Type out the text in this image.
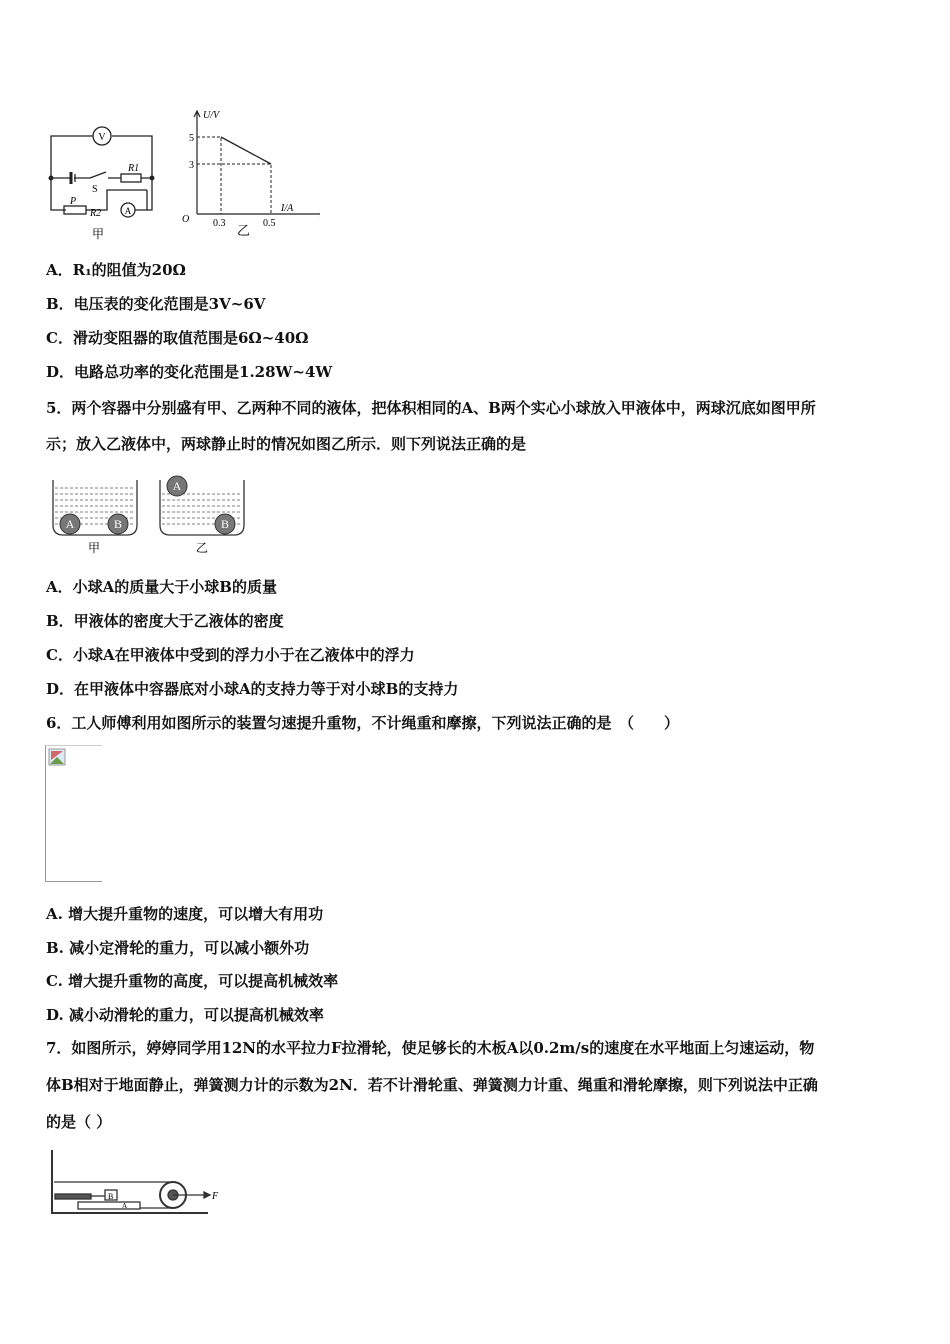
V
A
R1
S
P
R2
甲
U/V
5
3
I/A
O 0.3	0.5
乙
A．R₁的阻值为20Ω
B．电压表的变化范围是3V~6V
C．滑动变阻器的取值范围是6Ω~40Ω
D．电路总功率的变化范围是1.28W~4W
5．两个容器中分别盛有甲、乙两种不同的液体，把体积相同的A、B两个实心小球放入甲液体中，两球沉底如图甲所
示；放入乙液体中，两球静止时的情况如图乙所示．则下列说法正确的是
A	B
A
B
甲	乙
A．小球A的质量大于小球B的质量
B．甲液体的密度大于乙液体的密度
C．小球A在甲液体中受到的浮力小于在乙液体中的浮力
D．在甲液体中容器底对小球A的支持力等于对小球B的支持力
6．工人师傅利用如图所示的装置匀速提升重物，不计绳重和摩擦，下列说法正确的是　（　　）
A. 增大提升重物的速度，可以增大有用功
B. 减小定滑轮的重力，可以减小额外功
C. 增大提升重物的高度，可以提高机械效率
D. 减小动滑轮的重力，可以提高机械效率
7．如图所示，婷婷同学用12N的水平拉力F拉滑轮，使足够长的木板A以0.2m/s的速度在水平地面上匀速运动，物
体B相对于地面静止，弹簧测力计的示数为2N．若不计滑轮重、弹簧测力计重、绳重和滑轮摩擦，则下列说法中正确
的是（ ）
B
A
F
